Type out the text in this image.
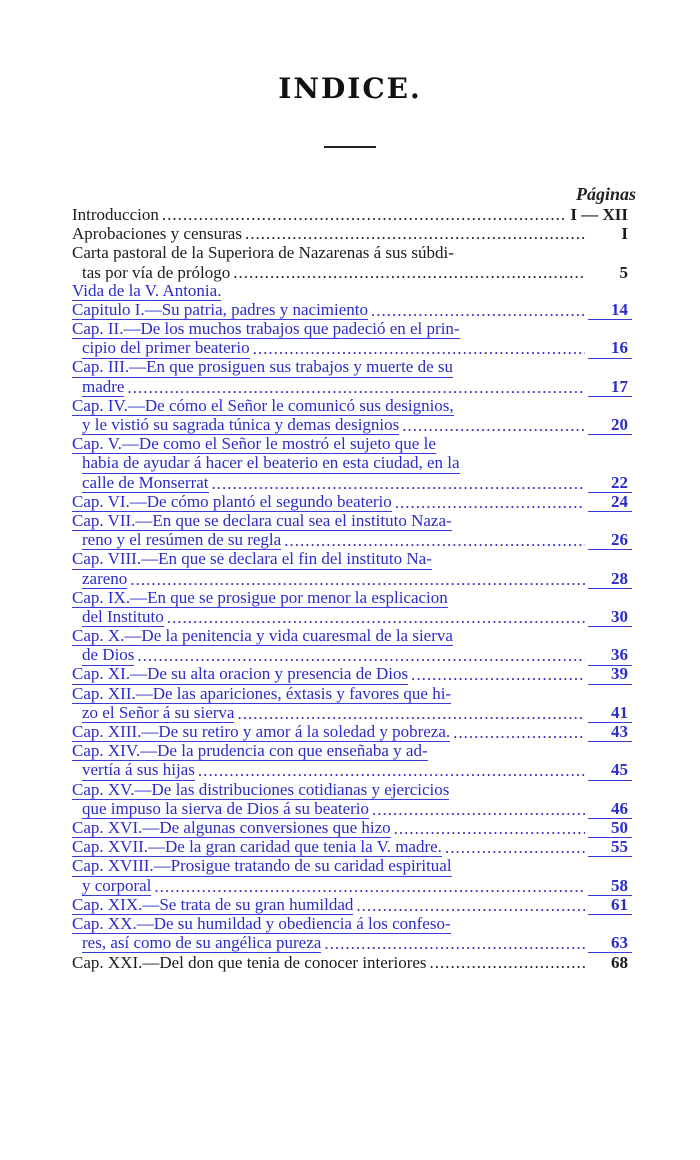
INDICE.
Páginas
Introduccion .....	I — XII
Aprobaciones y censuras .....	I
Carta pastoral de la Superiora de Nazarenas á sus súbdi-
tas por vía de prólogo .....	5
Vida de la V. Antonia.
Capitulo I.—Su patria, padres y nacimiento .....	14
Cap. II.—De los muchos trabajos que padeció en el prin-
cipio del primer beaterio .....	16
Cap. III.—En que prosiguen sus trabajos y muerte de su
madre .....	17
Cap. IV.—De cómo el Señor le comunicó sus designios,
y le vistió su sagrada túnica y demas designios .....	20
Cap. V.—De como el Señor le mostró el sujeto que le
habia de ayudar á hacer el beaterio en esta ciudad, en la
calle de Monserrat .....	22
Cap. VI.—De cómo plantó el segundo beaterio .....	24
Cap. VII.—En que se declara cual sea el instituto Naza-
reno y el resúmen de su regla .....	26
Cap. VIII.—En que se declara el fin del instituto Na-
zareno .....	28
Cap. IX.—En que se prosigue por menor la esplicacion
del Instituto .....	30
Cap. X.—De la penitencia y vida cuaresmal de la sierva
de Dios .....	36
Cap. XI.—De su alta oracion y presencia de Dios .....	39
Cap. XII.—De las apariciones, éxtasis y favores que hi-
zo el Señor á su sierva .....	41
Cap. XIII.—De su retiro y amor á la soledad y pobreza. .....	43
Cap. XIV.—De la prudencia con que enseñaba y ad-
vertía á sus hijas .....	45
Cap. XV.—De las distribuciones cotidianas y ejercicios
que impuso la sierva de Dios á su beaterio .....	46
Cap. XVI.—De algunas conversiones que hizo .....	50
Cap. XVII.—De la gran caridad que tenia la V. madre. .....	55
Cap. XVIII.—Prosigue tratando de su caridad espiritual
y corporal .....	58
Cap. XIX.—Se trata de su gran humildad .....	61
Cap. XX.—De su humildad y obediencia á los confeso-
res, así como de su angélica pureza .....	63
Cap. XXI.—Del don que tenia de conocer interiores .....	68
